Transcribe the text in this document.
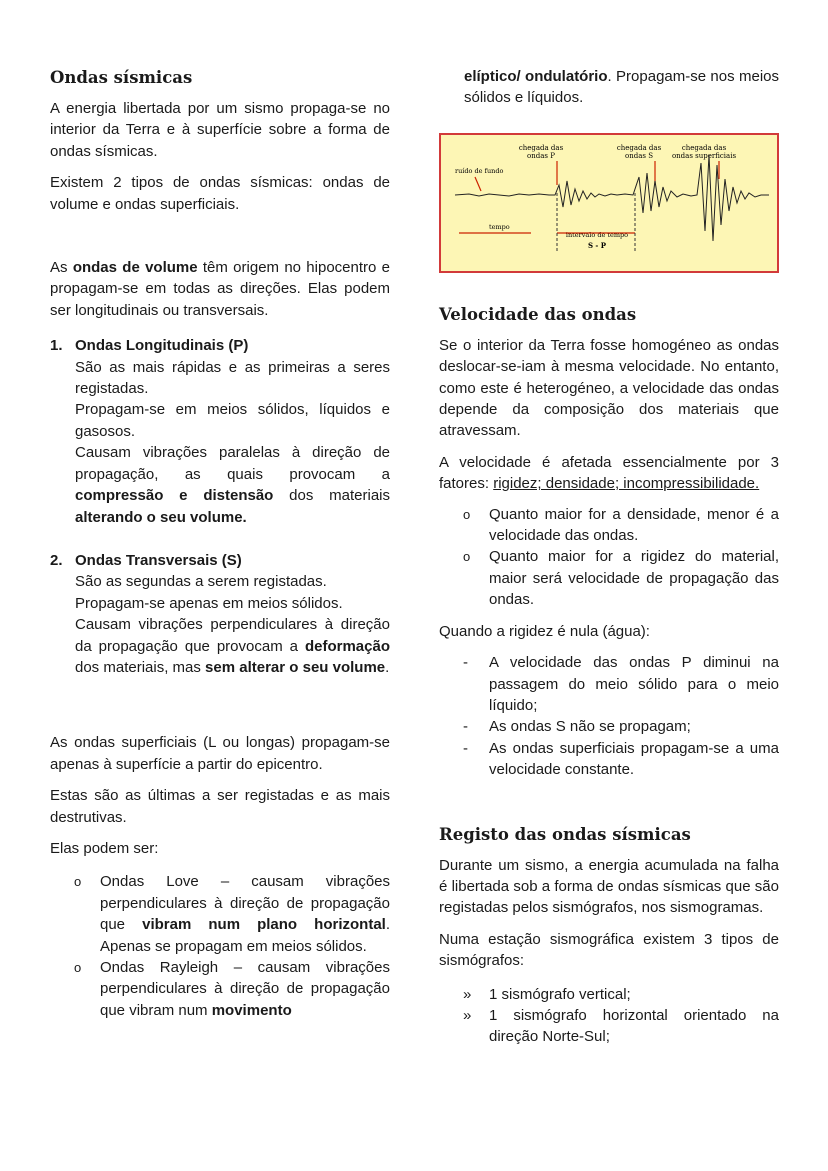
Ondas sísmicas

A energia libertada por um sismo propaga-se no interior da Terra e à superfície sobre a forma de ondas sísmicas.

Existem 2 tipos de ondas sísmicas: ondas de volume e ondas superficiais.

As ondas de volume têm origem no hipocentro e propagam-se em todas as direções. Elas podem ser longitudinais ou transversais.

1. Ondas Longitudinais (P)
São as mais rápidas e as primeiras a seres registadas.
Propagam-se em meios sólidos, líquidos e gasosos.
Causam vibrações paralelas à direção de propagação, as quais provocam a compressão e distensão dos materiais alterando o seu volume.
2. Ondas Transversais (S)
São as segundas a serem registadas.
Propagam-se apenas em meios sólidos.
Causam vibrações perpendiculares à direção da propagação que provocam a deformação dos materiais, mas sem alterar o seu volume.

As ondas superficiais (L ou longas) propagam-se apenas à superfície a partir do epicentro.

Estas são as últimas a ser registadas e as mais destrutivas.

Elas podem ser:

o Ondas Love – causam vibrações perpendiculares à direção de propagação que vibram num plano horizontal. Apenas se propagam em meios sólidos.
o Ondas Rayleigh – causam vibrações perpendiculares à direção de propagação que vibram num movimento
elíptico/ ondulatório. Propagam-se nos meios sólidos e líquidos.
chegada das
ondas P
chegada das
ondas S
chegada das
ondas superficiais
ruído de fundo
tempo
intervalo de tempo
S - P
Velocidade das ondas

Se o interior da Terra fosse homogéneo as ondas deslocar-se-iam à mesma velocidade. No entanto, como este é heterogéneo, a velocidade das ondas depende da composição dos materiais que atravessam.

A velocidade é afetada essencialmente por 3 fatores: rigidez; densidade; incompressibilidade.

o Quanto maior for a densidade, menor é a velocidade das ondas.
o Quanto maior for a rigidez do material, maior será velocidade de propagação das ondas.

Quando a rigidez é nula (água):

- A velocidade das ondas P diminui na passagem do meio sólido para o meio líquido;
- As ondas S não se propagam;
- As ondas superficiais propagam-se a uma velocidade constante.
Registo das ondas sísmicas

Durante um sismo, a energia acumulada na falha é libertada sob a forma de ondas sísmicas que são registadas pelos sismógrafos, nos sismogramas.

Numa estação sismográfica existem 3 tipos de sismógrafos:

» 1 sismógrafo vertical;
» 1 sismógrafo horizontal orientado na direção Norte-Sul;
